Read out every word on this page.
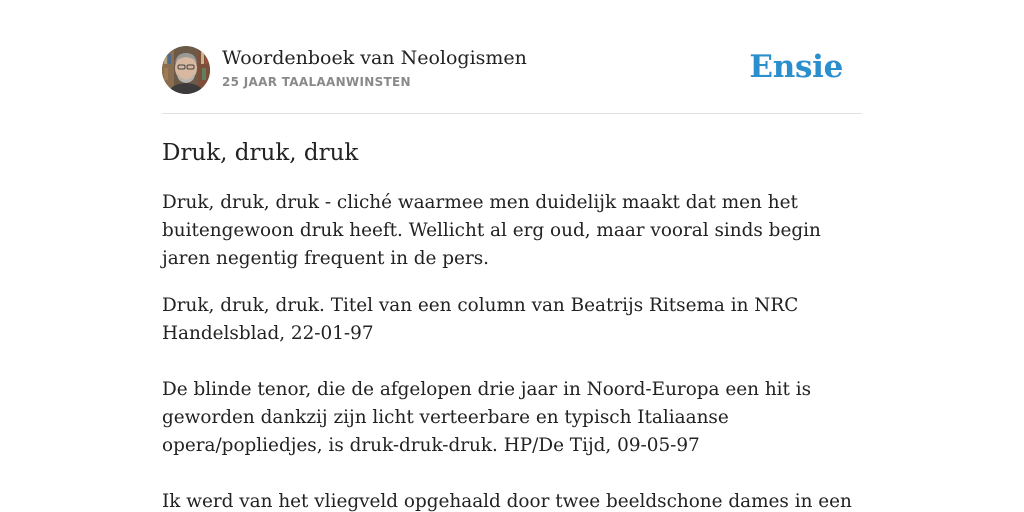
Woordenboek van Neologismen
25 JAAR TAALAANWINSTEN	Ensie
Druk, druk, druk

Druk, druk, druk - cliché waarmee men duidelijk maakt dat men het buitengewoon druk heeft. Wellicht al erg oud, maar vooral sinds begin jaren negentig frequent in de pers.

Druk, druk, druk. Titel van een column van Beatrijs Ritsema in NRC Handelsblad, 22-01-97
De blinde tenor, die de afgelopen drie jaar in Noord-Europa een hit is geworden dankzij zijn licht verteerbare en typisch Italiaanse opera/popliedjes, is druk-druk-druk. HP/De Tijd, 09-05-97
Ik werd van het vliegveld opgehaald door twee beeldschone dames in een
